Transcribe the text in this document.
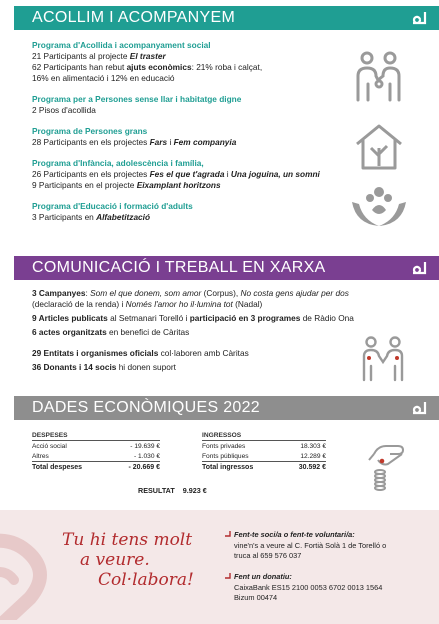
ACOLLIM I ACOMPANYEM
Programa d'Acollida i acompanyament social
21 Participants al projecte El traster
62 Participants han rebut ajuts econòmics: 21% roba i calçat,
16% en alimentació i 12% en educació
Programa per a Persones sense llar i habitatge digne
2 Pisos d'acollida
Programa de Persones grans
28 Participants en els projectes Fars i Fem companyia
Programa d'Infància, adolescència i família,
26 Participants en els projectes Fes el que t'agrada i Una joguina, un somni
9 Participants en el projecte Eixamplant horitzons
Programa d'Educació i formació d'adults
3 Participants en Alfabetització
COMUNICACIÓ I TREBALL EN XARXA
3 Campanyes: Som el que donem, som amor (Corpus), No costa gens ajudar per dos
(declaració de la renda) i Només l'amor ho il·lumina tot (Nadal)
9 Articles publicats al Setmanari Torelló i participació en 3 programes de Ràdio Ona
6 actes organitzats en benefici de Càritas
29 Entitats i organismes oficials col·laboren amb Càritas
36 Donants i 14 socis hi donen suport
DADES ECONÒMIQUES 2022
DESPESES	
Acció social	- 19.639 €
Altres	- 1.030 €
Total despeses	- 20.669 €
INGRESSOS	
Fonts privades	18.303 €
Fonts públiques	12.289 €
Total ingressos	30.592 €
RESULTAT 9.923 €
Tu hi tens molt
a veure.
Col·labora!
Fent-te soci/a o fent-te voluntari/a:
vine'n's a veure al C. Fortià Solà 1 de Torelló o
truca al 659 576 037
Fent un donatiu:
CaixaBank ES15 2100 0053 6702 0013 1564
Bizum 00474
